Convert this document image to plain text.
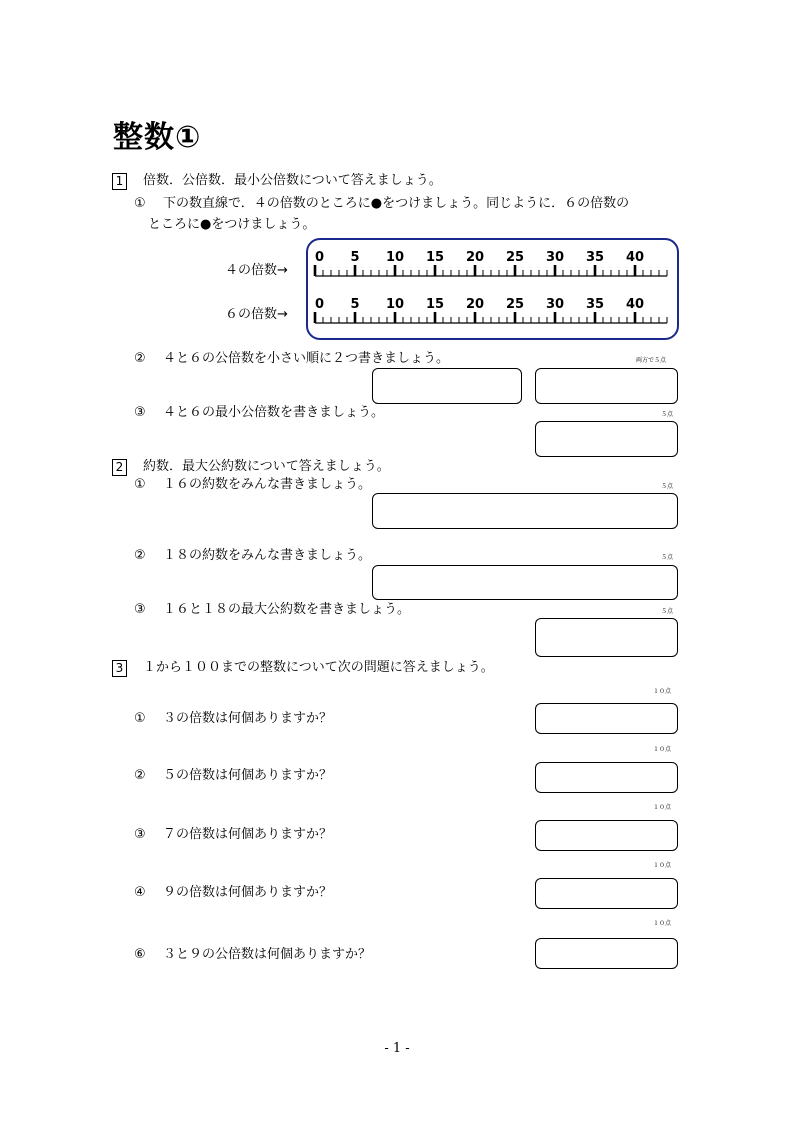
整数①
1 倍数．公倍数．最小公倍数について答えましょう。
① 下の数直線で．４の倍数のところに●をつけましょう。同じように．６の倍数の
ところに●をつけましょう。
４の倍数→
６の倍数→
0 5 10 15 20 25 30 35 40
0 5 10 15 20 25 30 35 40
② ４と６の公倍数を小さい順に２つ書きましょう。	両方で５点
③ ４と６の最小公倍数を書きましょう。	５点
2 約数．最大公約数について答えましょう。
① １６の約数をみんな書きましょう。	５点
② １８の約数をみんな書きましょう。	５点
③ １６と１８の最大公約数を書きましょう。	５点
3 １から１００までの整数について次の問題に答えましょう。
１０点
① ３の倍数は何個ありますか？
１０点
② ５の倍数は何個ありますか？
１０点
③ ７の倍数は何個ありますか？
１０点
④ ９の倍数は何個ありますか？
１０点
⑥ ３と９の公倍数は何個ありますか？
- 1 -
